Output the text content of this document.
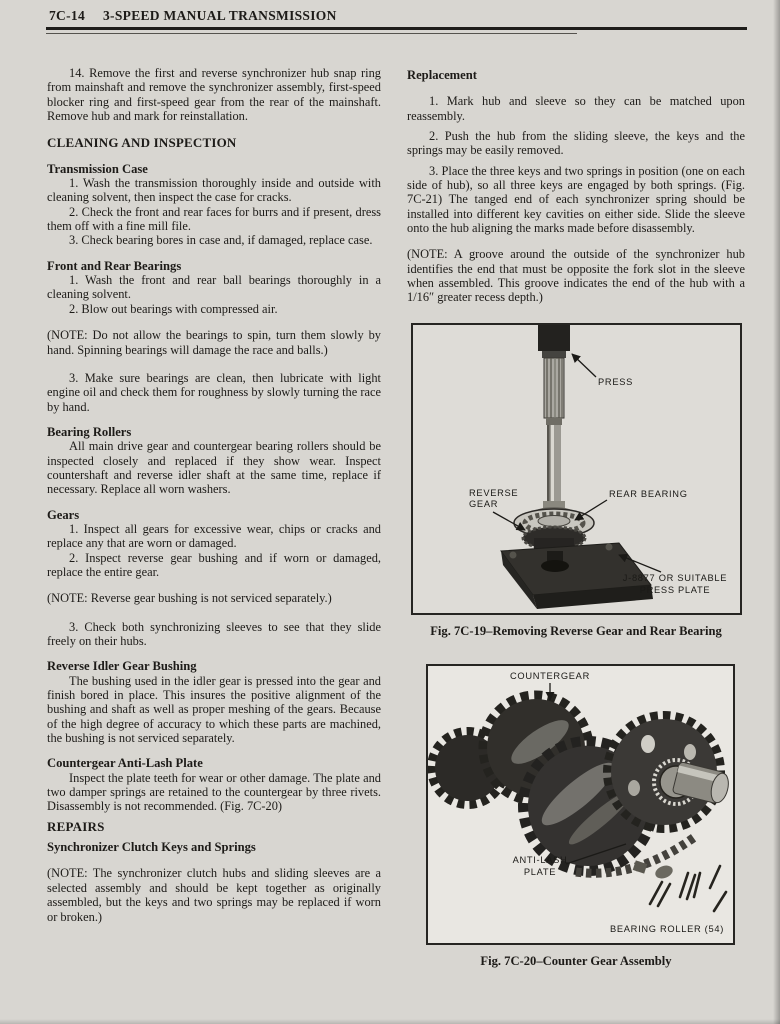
7C-14 3-SPEED MANUAL TRANSMISSION

14. Remove the first and reverse synchronizer hub snap ring from mainshaft and remove the synchronizer assembly, first-speed blocker ring and first-speed gear from the rear of the mainshaft. Remove hub and mark for reinstallation.

CLEANING AND INSPECTION
Transmission Case

1. Wash the transmission thoroughly inside and outside with cleaning solvent, then inspect the case for cracks.

2. Check the front and rear faces for burrs and if present, dress them off with a fine mill file.

3. Check bearing bores in case and, if damaged, replace case.

Front and Rear Bearings

1. Wash the front and rear ball bearings thoroughly in a cleaning solvent.

2. Blow out bearings with compressed air.

(NOTE: Do not allow the bearings to spin, turn them slowly by hand. Spinning bearings will damage the race and balls.)

3. Make sure bearings are clean, then lubricate with light engine oil and check them for roughness by slowly turning the race by hand.

Bearing Rollers

All main drive gear and countergear bearing rollers should be inspected closely and replaced if they show wear. Inspect countershaft and reverse idler shaft at the same time, replace if necessary. Replace all worn washers.

Gears

1. Inspect all gears for excessive wear, chips or cracks and replace any that are worn or damaged.

2. Inspect reverse gear bushing and if worn or damaged, replace the entire gear.

(NOTE: Reverse gear bushing is not serviced separately.)

3. Check both synchronizing sleeves to see that they slide freely on their hubs.

Reverse Idler Gear Bushing

The bushing used in the idler gear is pressed into the gear and finish bored in place. This insures the positive alignment of the bushing and shaft as well as proper meshing of the gears. Because of the high degree of accuracy to which these parts are machined, the bushing is not serviced separately.

Countergear Anti-Lash Plate

Inspect the plate teeth for wear or other damage. The plate and two damper springs are retained to the countergear by three rivets. Disassembly is not recommended. (Fig. 7C-20)

REPAIRS
Synchronizer Clutch Keys and Springs

(NOTE: The synchronizer clutch hubs and sliding sleeves are a selected assembly and should be kept together as originally assembled, but the keys and two springs may be replaced if worn or broken.)

Replacement

1. Mark hub and sleeve so they can be matched upon reassembly.

2. Push the hub from the sliding sleeve, the keys and the springs may be easily removed.

3. Place the three keys and two springs in position (one on each side of hub), so all three keys are engaged by both springs. (Fig. 7C-21) The tanged end of each synchronizer spring should be installed into different key cavities on either side. Slide the sleeve onto the hub aligning the marks made before disassembly.

(NOTE: A groove around the outside of the synchronizer hub identifies the end that must be opposite the fork slot in the sleeve when assembled. This groove indicates the end of the hub with a 1/16″ greater recess depth.)

PRESS
REVERSE
GEAR
REAR BEARING
J-8877 OR SUITABLE
PRESS PLATE

Fig. 7C-19–Removing Reverse Gear and Rear Bearing

COUNTERGEAR
ANTI-LASH
PLATE
BEARING ROLLER (54)

Fig. 7C-20–Counter Gear Assembly
